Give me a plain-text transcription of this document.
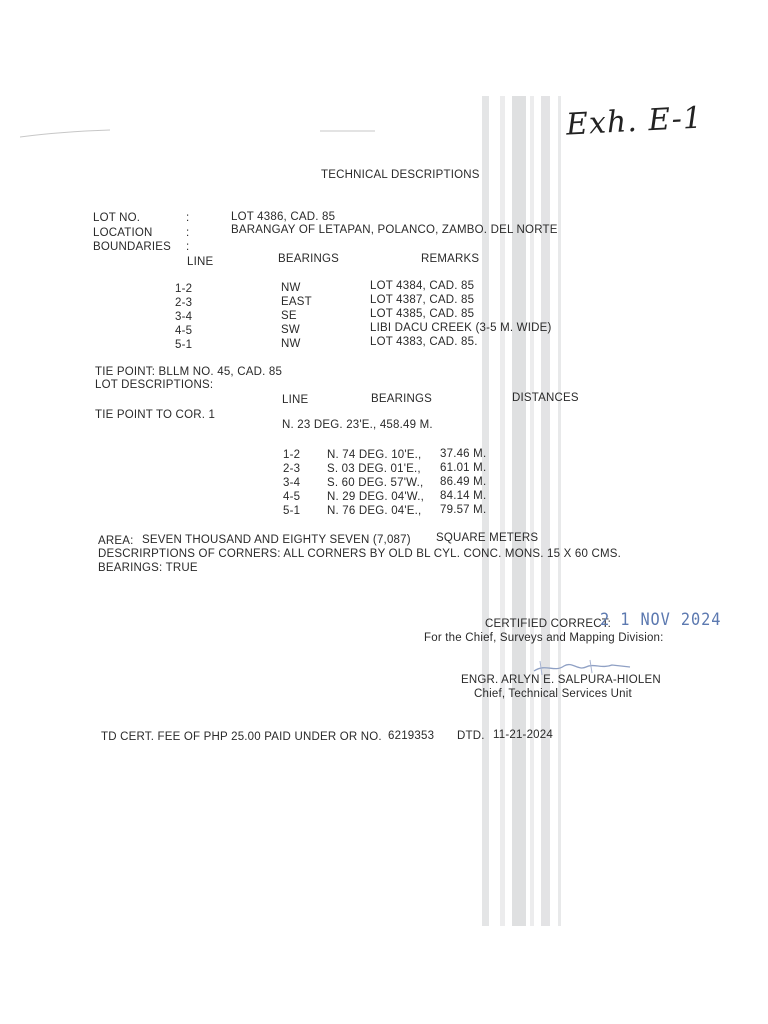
Exh. E-1
TECHNICAL DESCRIPTIONS
LOT NO.	:	LOT 4386, CAD. 85
LOCATION	:	BARANGAY OF LETAPAN, POLANCO, ZAMBO. DEL NORTE
BOUNDARIES :
LINE	BEARINGS	REMARKS
1-2	NW	LOT 4384, CAD. 85
2-3	EAST	LOT 4387, CAD. 85
3-4	SE	LOT 4385, CAD. 85
4-5	SW	LIBI DACU CREEK (3-5 M. WIDE)
5-1	NW	LOT 4383, CAD. 85.
TIE POINT: BLLM NO. 45, CAD. 85
LOT DESCRIPTIONS:
LINE	BEARINGS	DISTANCES
TIE POINT TO COR. 1
N. 23 DEG. 23'E., 458.49 M.
1-2 N. 74 DEG. 10'E., 37.46 M.
2-3 S. 03 DEG. 01'E., 61.01 M.
3-4 S. 60 DEG. 57'W., 86.49 M.
4-5 N. 29 DEG. 04'W., 84.14 M.
5-1 N. 76 DEG. 04'E., 79.57 M.
AREA: SEVEN THOUSAND AND EIGHTY SEVEN (7,087) SQUARE METERS
DESCRIRPTIONS OF CORNERS: ALL CORNERS BY OLD BL CYL. CONC. MONS. 15 X 60 CMS.
BEARINGS: TRUE
CERTIFIED CORRECT:
2 1 NOV 2024
For the Chief, Surveys and Mapping Division:
ENGR. ARLYN E. SALPURA-HIOLEN
Chief, Technical Services Unit
TD CERT. FEE OF PHP 25.00 PAID UNDER OR NO. 6219353 DTD. 11-21-2024
